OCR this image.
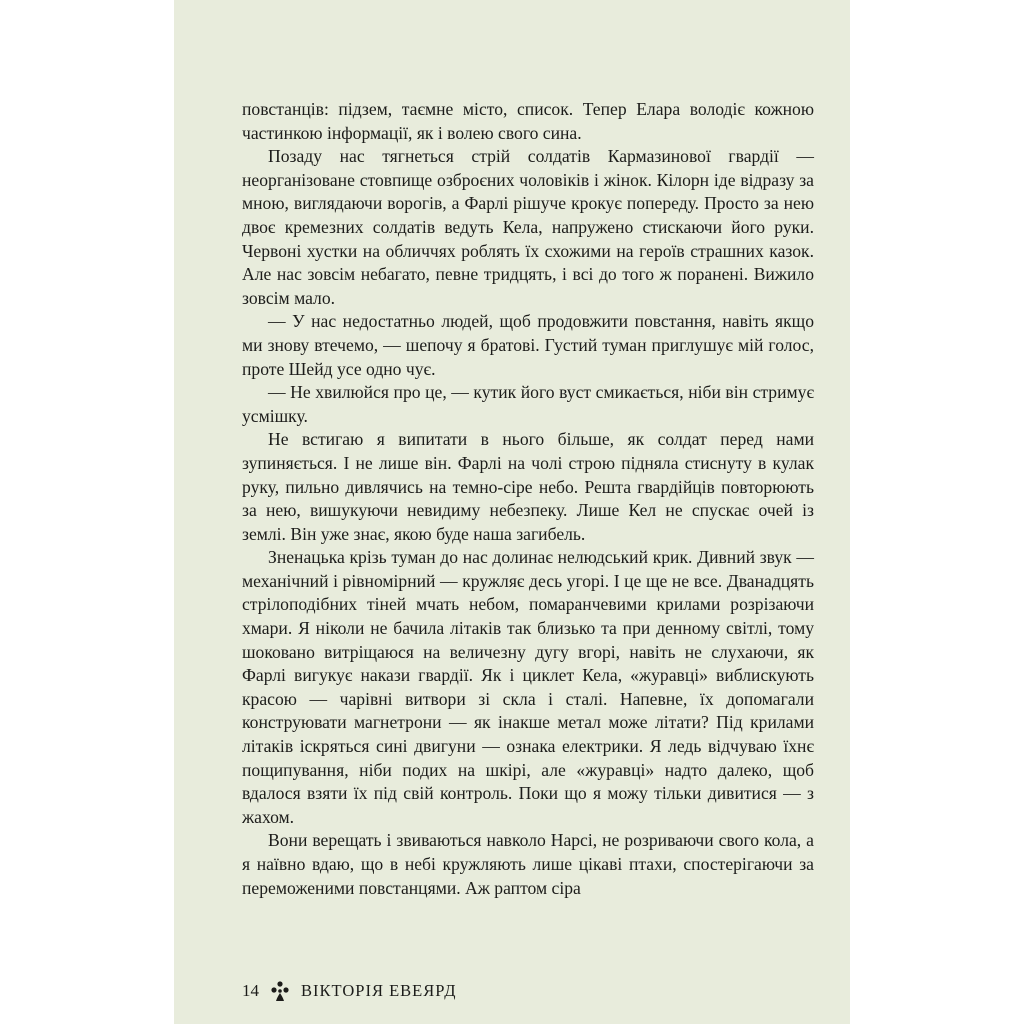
повстанців: підзем, таємне місто, список. Тепер Елара володіє кожною частинкою інформації, як і волею свого сина.

Позаду нас тягнеться стрій солдатів Кармазинової гвардії — неорганізоване стовпище озброєних чоловіків і жінок. Кілорн іде відразу за мною, виглядаючи ворогів, а Фарлі рішуче крокує попереду. Просто за нею двоє кремезних солдатів ведуть Кела, напружено стискаючи його руки. Червоні хустки на обличчях роблять їх схожими на героїв страшних казок. Але нас зовсім небагато, певне тридцять, і всі до того ж поранені. Вижило зовсім мало.

— У нас недостатньо людей, щоб продовжити повстання, навіть якщо ми знову втечемо, — шепочу я братові. Густий туман приглушує мій голос, проте Шейд усе одно чує.

— Не хвилюйся про це, — кутик його вуст смикається, ніби він стримує усмішку.

Не встигаю я випитати в нього більше, як солдат перед нами зупиняється. І не лише він. Фарлі на чолі строю підняла стиснуту в кулак руку, пильно дивлячись на темно-сіре небо. Решта гвардійців повторюють за нею, вишукуючи невидиму небезпеку. Лише Кел не спускає очей із землі. Він уже знає, якою буде наша загибель.

Зненацька крізь туман до нас долинає нелюдський крик. Дивний звук — механічний і рівномірний — кружляє десь угорі. І це ще не все. Дванадцять стрілоподібних тіней мчать небом, помаранчевими крилами розрізаючи хмари. Я ніколи не бачила літаків так близько та при денному світлі, тому шоковано витріщаюся на величезну дугу вгорі, навіть не слухаючи, як Фарлі вигукує накази гвардії. Як і циклет Кела, «журавці» виблискують красою — чарівні витвори зі скла і сталі. Напевне, їх допомагали конструювати магнетрони — як інакше метал може літати? Під крилами літаків іскряться сині двигуни — ознака електрики. Я ледь відчуваю їхнє пощипування, ніби подих на шкірі, але «журавці» надто далеко, щоб вдалося взяти їх під свій контроль. Поки що я можу тільки дивитися — з жахом.

Вони верещать і звиваються навколо Нарсі, не розриваючи свого кола, а я наївно вдаю, що в небі кружляють лише цікаві птахи, спостерігаючи за переможеними повстанцями. Аж раптом сіра

14	ВІКТОРІЯ ЕВЕЯРД
